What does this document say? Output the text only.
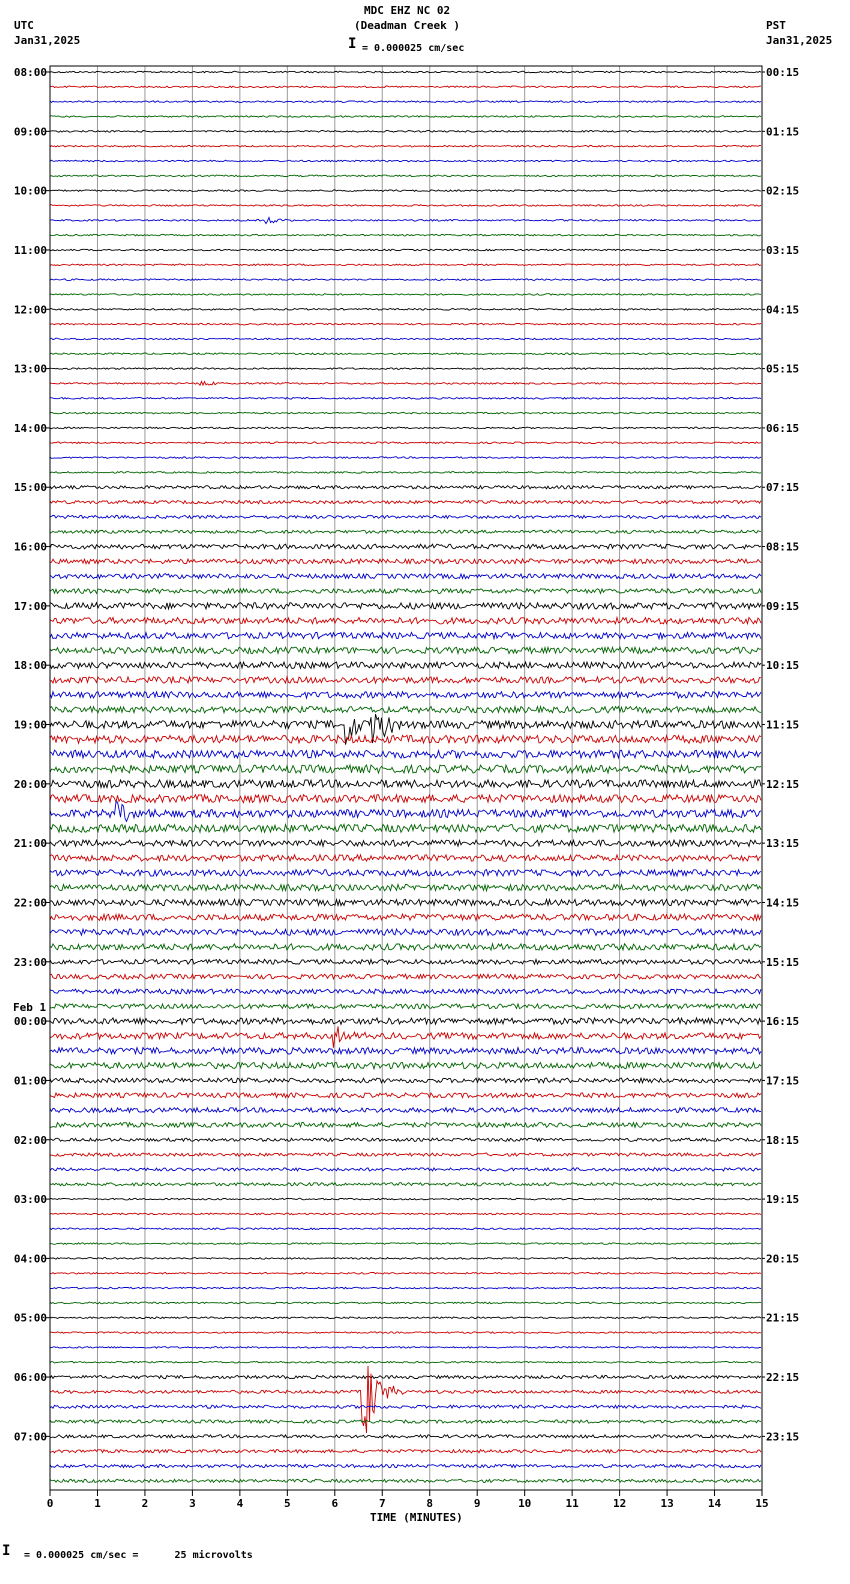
MDC EHZ NC 02
(Deadman Creek )
UTC
Jan31,2025
PST
Jan31,2025
I = 0.000025 cm/sec
TIME (MINUTES)
I = 0.000025 cm/sec =      25 microvolts
08:00
09:00
10:00
11:00
12:00
13:00
14:00
15:00
16:00
17:00
18:00
19:00
20:00
21:00
22:00
23:00
00:00
01:00
02:00
03:00
04:00
05:00
06:00
07:00
Feb 1
00:15
01:15
02:15
03:15
04:15
05:15
06:15
07:15
08:15
09:15
10:15
11:15
12:15
13:15
14:15
15:15
16:15
17:15
18:15
19:15
20:15
21:15
22:15
23:15
0	1	2	3	4	5	6	7	8	9	10	11	12	13	14	15
